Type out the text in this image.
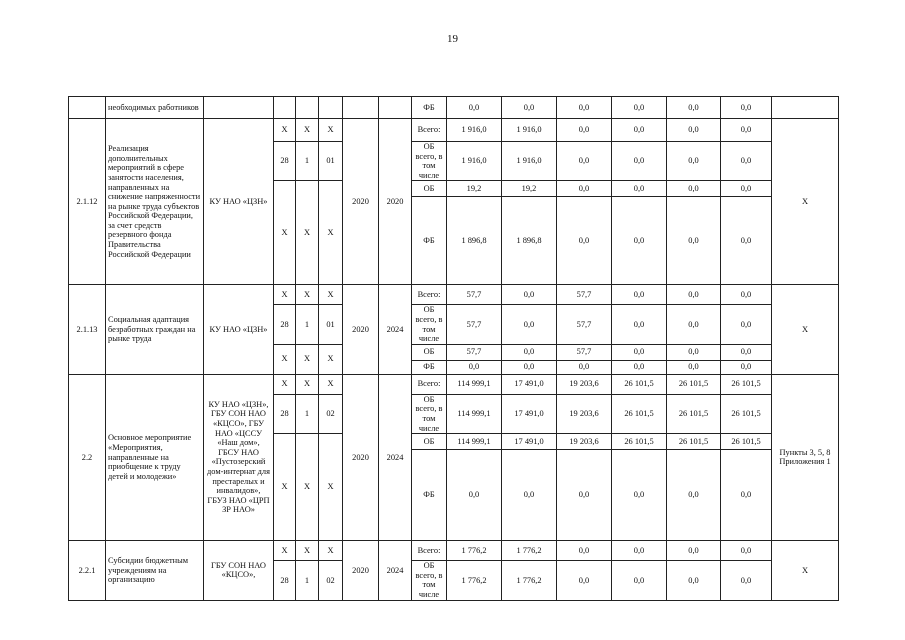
19
	необходимых работников							ФБ	0,0	0,0	0,0	0,0	0,0	0,0	
2.1.12	Реализация дополнительных мероприятий в сфере занятости населения, направленных на снижение напряженности на рынке труда субъектов Российской Федерации, за счет средств резервного фонда Правительства Российской Федерации	КУ НАО «ЦЗН»	X	X	X	2020	2020	Всего:	1 916,0	1 916,0	0,0	0,0	0,0	0,0	X
			28	1	01			ОБ всего, в том числе	1 916,0	1 916,0	0,0	0,0	0,0	0,0	
			X	X	X			ОБ	19,2	19,2	0,0	0,0	0,0	0,0	
								ФБ	1 896,8	1 896,8	0,0	0,0	0,0	0,0	
2.1.13	Социальная адаптация безработных граждан на рынке труда	КУ НАО «ЦЗН»	X	X	X	2020	2024	Всего:	57,7	0,0	57,7	0,0	0,0	0,0	X
			28	1	01			ОБ всего, в том числе	57,7	0,0	57,7	0,0	0,0	0,0	
			X	X	X			ОБ	57,7	0,0	57,7	0,0	0,0	0,0	
								ФБ	0,0	0,0	0,0	0,0	0,0	0,0	
2.2	Основное мероприятие «Мероприятия, направленные на приобщение к труду детей и молодежи»	КУ НАО «ЦЗН», ГБУ СОН НАО «КЦСО», ГБУ НАО «ЦССУ «Наш дом», ГБСУ НАО «Пустозерский дом-интернат для престарелых и инвалидов», ГБУЗ НАО «ЦРП ЗР НАО»	X	X	X	2020	2024	Всего:	114 999,1	17 491,0	19 203,6	26 101,5	26 101,5	26 101,5	Пункты 3, 5, 8 Приложения 1
			28	1	02			ОБ всего, в том числе	114 999,1	17 491,0	19 203,6	26 101,5	26 101,5	26 101,5	
			X	X	X			ОБ	114 999,1	17 491,0	19 203,6	26 101,5	26 101,5	26 101,5	
								ФБ	0,0	0,0	0,0	0,0	0,0	0,0	
2.2.1	Субсидии бюджетным учреждениям на организацию	ГБУ СОН НАО «КЦСО»,	X	X	X	2020	2024	Всего:	1 776,2	1 776,2	0,0	0,0	0,0	0,0	X
			28	1	02			ОБ всего, в том числе	1 776,2	1 776,2	0,0	0,0	0,0	0,0	
